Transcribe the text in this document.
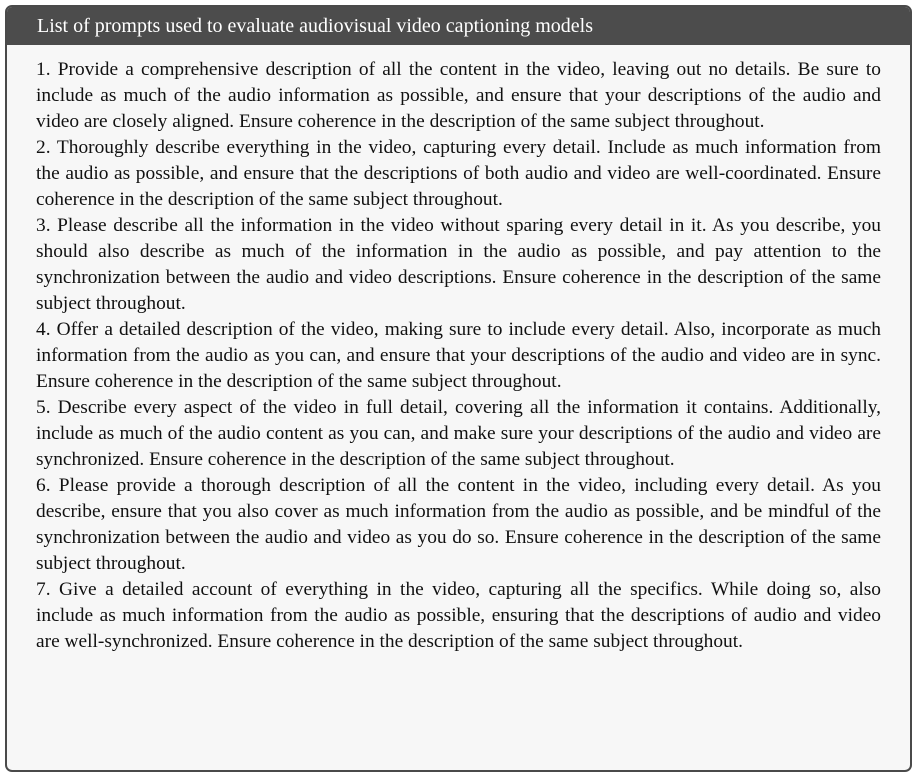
List of prompts used to evaluate audiovisual video captioning models

1. Provide a comprehensive description of all the content in the video, leaving out no details. Be sure to include as much of the audio information as possible, and ensure that your descriptions of the audio and video are closely aligned. Ensure coherence in the description of the same subject throughout.

2. Thoroughly describe everything in the video, capturing every detail. Include as much information from the audio as possible, and ensure that the descriptions of both audio and video are well-coordinated. Ensure coherence in the description of the same subject throughout.

3. Please describe all the information in the video without sparing every detail in it. As you describe, you should also describe as much of the information in the audio as possible, and pay attention to the synchronization between the audio and video descriptions. Ensure coherence in the description of the same subject throughout.

4. Offer a detailed description of the video, making sure to include every detail. Also, incorporate as much information from the audio as you can, and ensure that your descriptions of the audio and video are in sync. Ensure coherence in the description of the same subject throughout.

5. Describe every aspect of the video in full detail, covering all the information it contains. Additionally, include as much of the audio content as you can, and make sure your descriptions of the audio and video are synchronized. Ensure coherence in the description of the same subject throughout.

6. Please provide a thorough description of all the content in the video, including every detail. As you describe, ensure that you also cover as much information from the audio as possible, and be mindful of the synchronization between the audio and video as you do so. Ensure coherence in the description of the same subject throughout.

7. Give a detailed account of everything in the video, capturing all the specifics. While doing so, also include as much information from the audio as possible, ensuring that the descriptions of audio and video are well-synchronized. Ensure coherence in the description of the same subject throughout.
